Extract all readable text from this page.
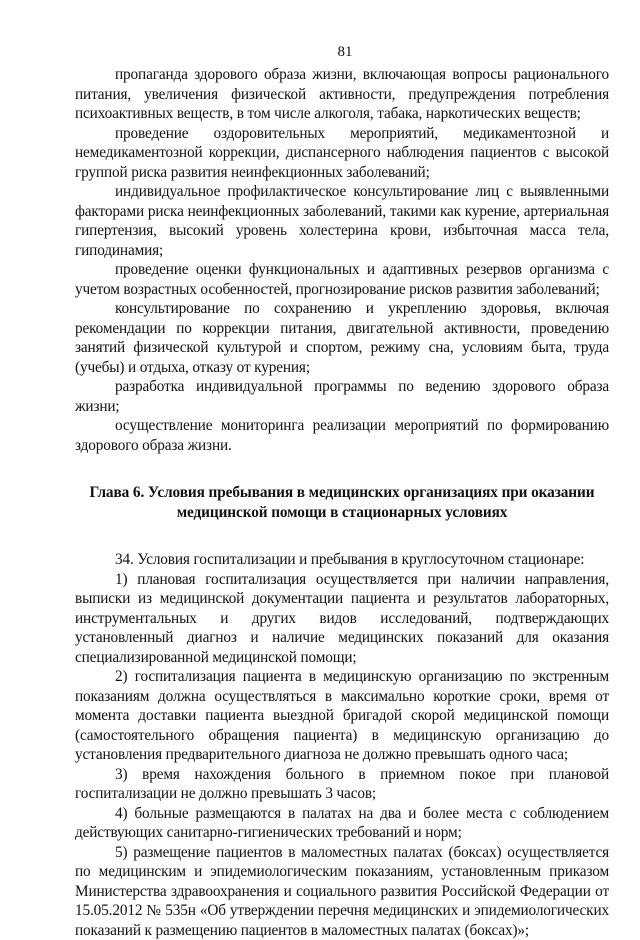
81

пропаганда здорового образа жизни, включающая вопросы рационального питания, увеличения физической активности, предупреждения потребления психоактивных веществ, в том числе алкоголя, табака, наркотических веществ;

проведение оздоровительных мероприятий, медикаментозной и немедикаментозной коррекции, диспансерного наблюдения пациентов с высокой группой риска развития неинфекционных заболеваний;

индивидуальное профилактическое консультирование лиц с выявленными факторами риска неинфекционных заболеваний, такими как курение, артериальная гипертензия, высокий уровень холестерина крови, избыточная масса тела, гиподинамия;

проведение оценки функциональных и адаптивных резервов организма с учетом возрастных особенностей, прогнозирование рисков развития заболеваний;

консультирование по сохранению и укреплению здоровья, включая рекомендации по коррекции питания, двигательной активности, проведению занятий физической культурой и спортом, режиму сна, условиям быта, труда (учебы) и отдыха, отказу от курения;

разработка индивидуальной программы по ведению здорового образа жизни;

осуществление мониторинга реализации мероприятий по формированию здорового образа жизни.

Глава 6. Условия пребывания в медицинских организациях при оказании медицинской помощи в стационарных условиях

34. Условия госпитализации и пребывания в круглосуточном стационаре:

1) плановая госпитализация осуществляется при наличии направления, выписки из медицинской документации пациента и результатов лабораторных, инструментальных и других видов исследований, подтверждающих установленный диагноз и наличие медицинских показаний для оказания специализированной медицинской помощи;

2) госпитализация пациента в медицинскую организацию по экстренным показаниям должна осуществляться в максимально короткие сроки, время от момента доставки пациента выездной бригадой скорой медицинской помощи (самостоятельного обращения пациента) в медицинскую организацию до установления предварительного диагноза не должно превышать одного часа;

3) время нахождения больного в приемном покое при плановой госпитализации не должно превышать 3 часов;

4) больные размещаются в палатах на два и более места с соблюдением действующих санитарно-гигиенических требований и норм;

5) размещение пациентов в маломестных палатах (боксах) осуществляется по медицинским и эпидемиологическим показаниям, установленным приказом Министерства здравоохранения и социального развития Российской Федерации от 15.05.2012 № 535н «Об утверждении перечня медицинских и эпидемиологических показаний к размещению пациентов в маломестных палатах (боксах)»;
